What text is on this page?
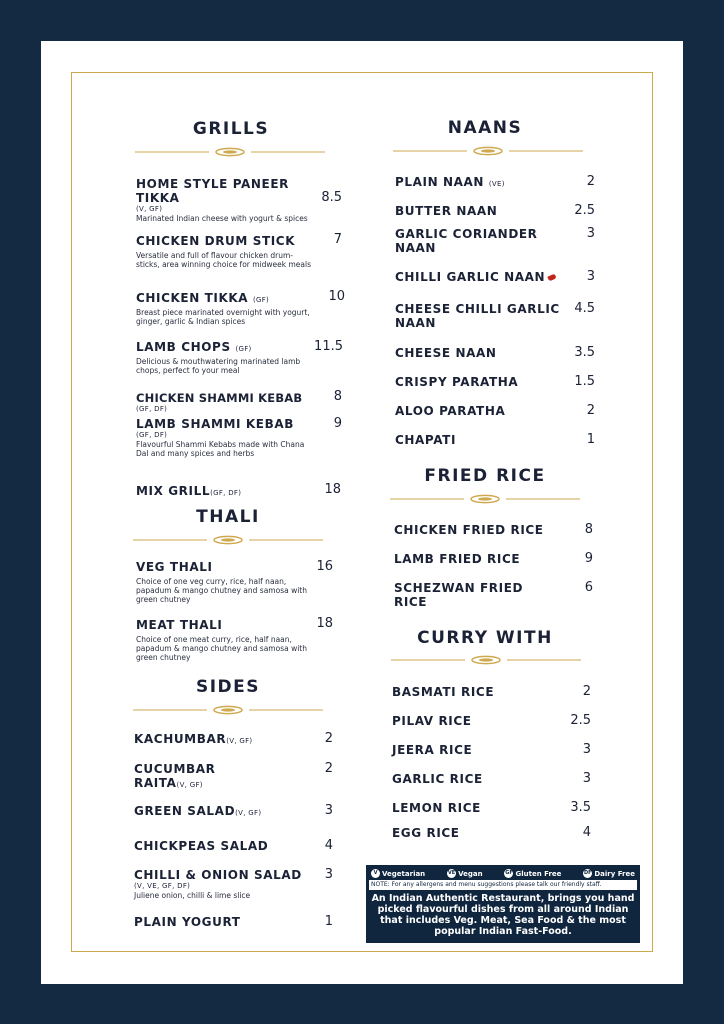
GRILLS
HOME STYLE PANEER TIKKA
(V, GF)
Marinated Indian cheese with yogurt & spices
8.5
CHICKEN DRUM STICK
Versatile and full of flavour chicken drum-sticks, area winning choice for midweek meals
7
CHICKEN TIKKA (GF)
Breast piece marinated overnight with yogurt, ginger, garlic & Indian spices
10
LAMB CHOPS (GF)
Delicious & mouthwatering marinated lamb chops, perfect fo your meal
11.5
CHICKEN SHAMMI KEBAB
(GF, DF)
8
LAMB SHAMMI KEBAB
(GF, DF)
Flavourful Shammi Kebabs made with Chana Dal and many spices and herbs
9
MIX GRILL(GF, DF)	18
THALI
VEG THALI
Choice of one veg curry, rice, half naan, papadum & mango chutney and samosa with green chutney
16
MEAT THALI
Choice of one meat curry, rice, half naan, papadum & mango chutney and samosa with green chutney
18
SIDES
KACHUMBAR(V, GF)	2
CUCUMBAR
RAITA(V, GF)
2
GREEN SALAD(V, GF)	3
CHICKPEAS SALAD	4
CHILLI & ONION SALAD
(V, VE, GF, DF)
Juliene onion, chilli & lime slice
3
PLAIN YOGURT	1
NAANS
PLAIN NAAN (VE)	2
BUTTER NAAN	2.5
GARLIC CORIANDER
NAAN
3
CHILLI GARLIC NAAN	3
CHEESE CHILLI GARLIC
NAAN
4.5
CHEESE NAAN	3.5
CRISPY PARATHA	1.5
ALOO PARATHA	2
CHAPATI	1
FRIED RICE
CHICKEN FRIED RICE	8
LAMB FRIED RICE	9
SCHEZWAN FRIED
RICE
6
CURRY WITH
BASMATI RICE	2
PILAV RICE	2.5
JEERA RICE	3
GARLIC RICE	3
LEMON RICE	3.5
EGG RICE	4
V Vegetarian	VE Vegan	GF Gluten Free	DF Dairy Free
NOTE: For any allergens and menu suggestions please talk our friendly staff.
An Indian Authentic Restaurant, brings you hand picked flavourful dishes from all around Indian that includes Veg. Meat, Sea Food & the most popular Indian Fast-Food.
